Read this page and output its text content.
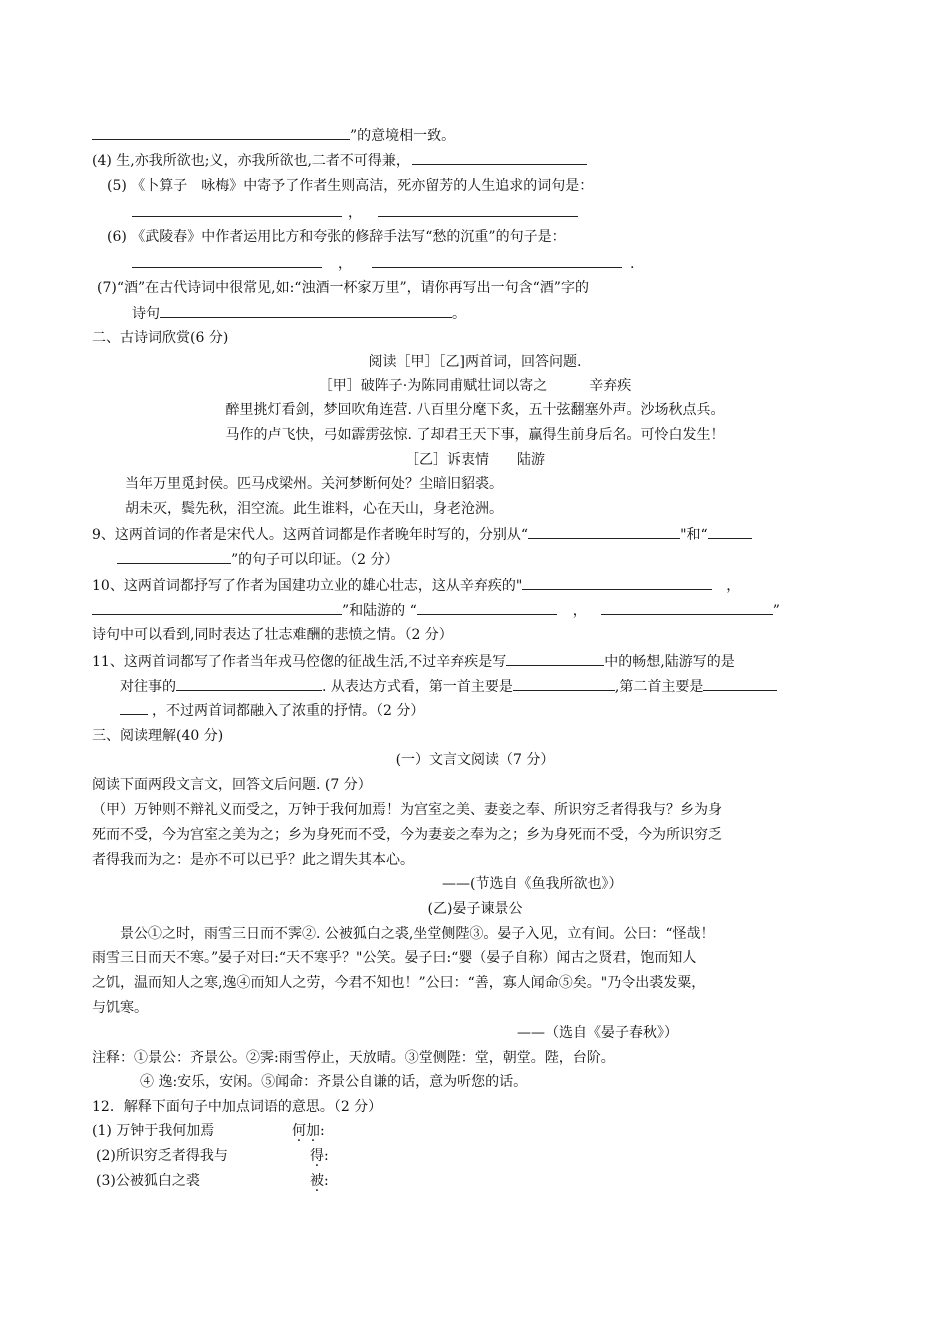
”的意境相一致。
(4) 生,亦我所欲也;义，亦我所欲也,二者不可得兼，
(5) 《卜算子　咏梅》中寄予了作者生则高洁，死亦留芳的人生追求的词句是：
，
(6) 《武陵春》中作者运用比方和夸张的修辞手法写“愁的沉重”的句子是：
，	.
(7)“酒”在古代诗词中很常见,如:“浊酒一杯家万里”，请你再写出一句含“酒”字的
诗句	。
二、古诗词欣赏(6 分)
阅读［甲］［乙]两首词，回答问题.
［甲］破阵子·为陈同甫赋壮词以寄之　　　辛弃疾
醉里挑灯看剑，梦回吹角连营. 八百里分麾下炙，五十弦翻塞外声。沙场秋点兵。
马作的卢飞快，弓如霹雳弦惊. 了却君王天下事，赢得生前身后名。可怜白发生！
［乙］诉衷情　　陆游
当年万里觅封侯。匹马戍梁州。关河梦断何处？尘暗旧貂裘。
胡未灭，鬓先秋，泪空流。此生谁料，心在天山，身老沧洲。
9、这两首词的作者是宋代人。这两首词都是作者晚年时写的，分别从“	"和“
”的句子可以印证。（2 分）
10、这两首词都抒写了作者为国建功立业的雄心壮志，这从辛弃疾的"	，
”和陆游的 “	，	”
诗句中可以看到,同时表达了壮志难酬的悲愤之情。（2 分）
11、这两首词都写了作者当年戎马倥偬的征战生活,不过辛弃疾是写	中的畅想,陆游写的是
对往事的	. 从表达方式看，第一首主要是	,第二首主要是
，不过两首词都融入了浓重的抒情。（2 分）
三、阅读理解(40 分)
(一）文言文阅读（7 分）
阅读下面两段文言文，回答文后问题. (7 分）
（甲）万钟则不辩礼义而受之，万钟于我何加焉！为宫室之美、妻妾之奉、所识穷乏者得我与？乡为身
死而不受，今为宫室之美为之；乡为身死而不受，今为妻妾之奉为之；乡为身死而不受，今为所识穷乏
者得我而为之：是亦不可以已乎？此之谓失其本心。
——(节选自《鱼我所欲也》）
(乙)晏子谏景公
景公①之时，雨雪三日而不霁②. 公被狐白之裘,坐堂侧陛③。晏子入见，立有间。公曰：“怪哉！
雨雪三日而天不寒。”晏子对曰:“天不寒乎？"公笑。晏子曰:“婴（晏子自称）闻古之贤君，饱而知人
之饥，温而知人之寒,逸④而知人之劳，今君不知也！”公曰：“善，寡人闻命⑤矣。"乃令出裘发粟，
与饥寒。
——（选自《晏子春秋》）
注释：①景公：齐景公。②霁:雨雪停止，天放晴。③堂侧陛：堂，朝堂。陛，台阶。
④ 逸:安乐，安闲。⑤闻命：齐景公自谦的话，意为听您的话。
12．解释下面句子中加点词语的意思。（2 分）
(1) 万钟于我何加焉	何加:
(2)所识穷乏者得我与	得:
(3)公被狐白之裘	被:
